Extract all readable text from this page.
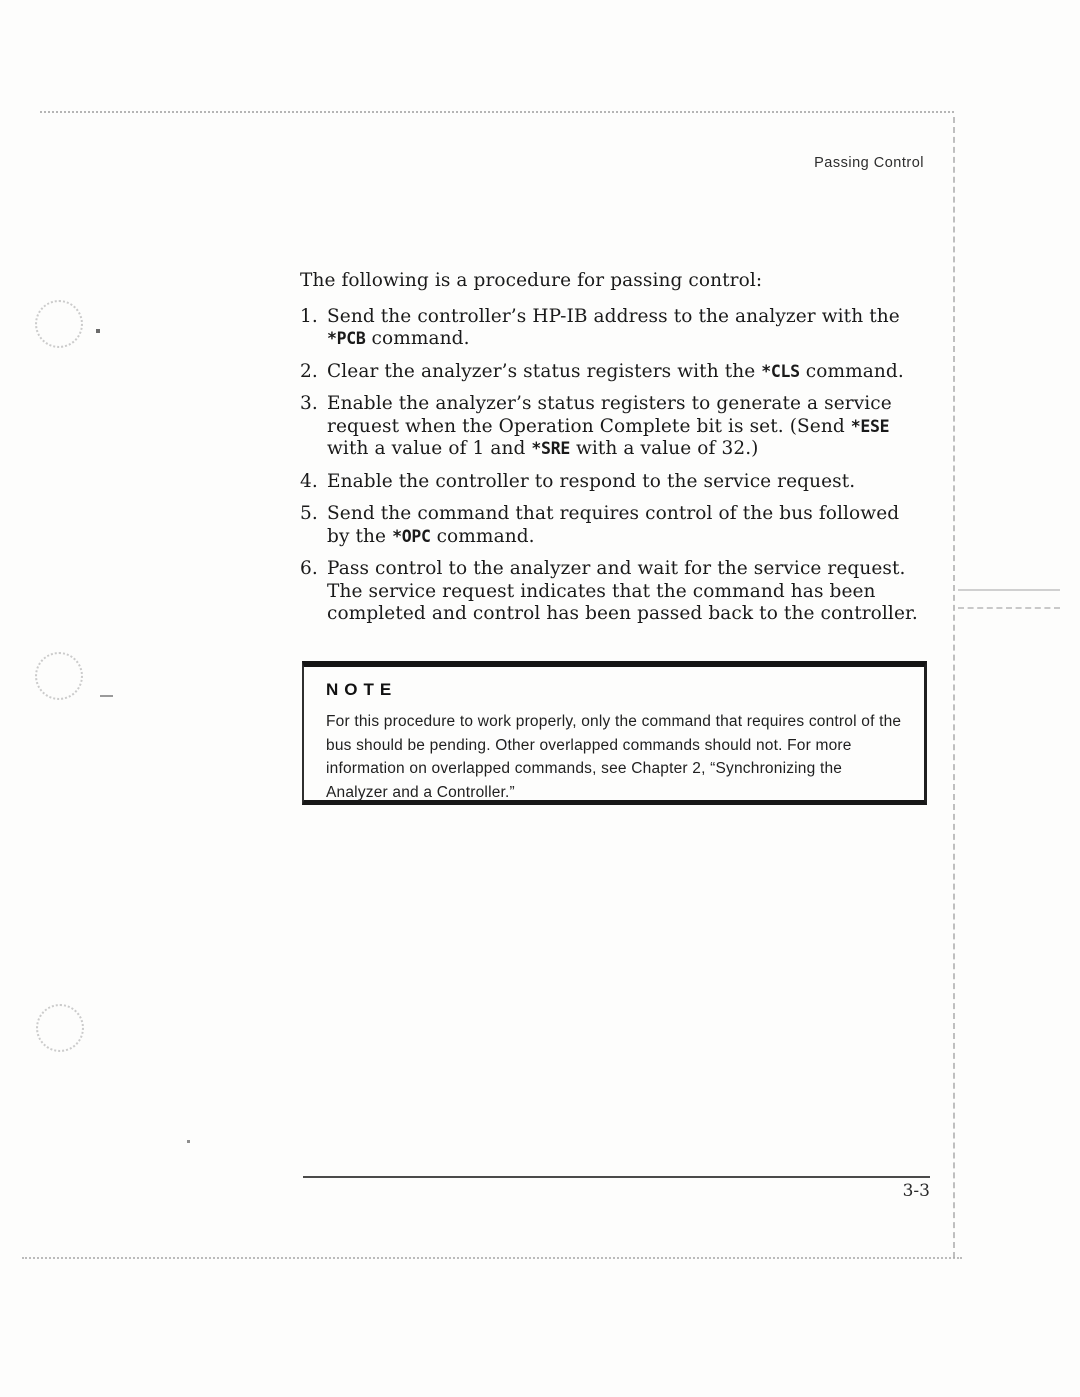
Passing Control

The following is a procedure for passing control:

1. Send the controller’s HP-IB address to the analyzer with the *PCB command.
2. Clear the analyzer’s status registers with the *CLS command.
3. Enable the analyzer’s status registers to generate a service request when the Operation Complete bit is set. (Send *ESE with a value of 1 and *SRE with a value of 32.)
4. Enable the controller to respond to the service request.
5. Send the command that requires control of the bus followed by the *OPC command.
6. Pass control to the analyzer and wait for the service request. The service request indicates that the command has been completed and control has been passed back to the controller.

NOTE

For this procedure to work properly, only the command that requires control of the bus should be pending. Other overlapped commands should not. For more information on overlapped commands, see Chapter 2, “Synchronizing the Analyzer and a Controller.”

3-3
